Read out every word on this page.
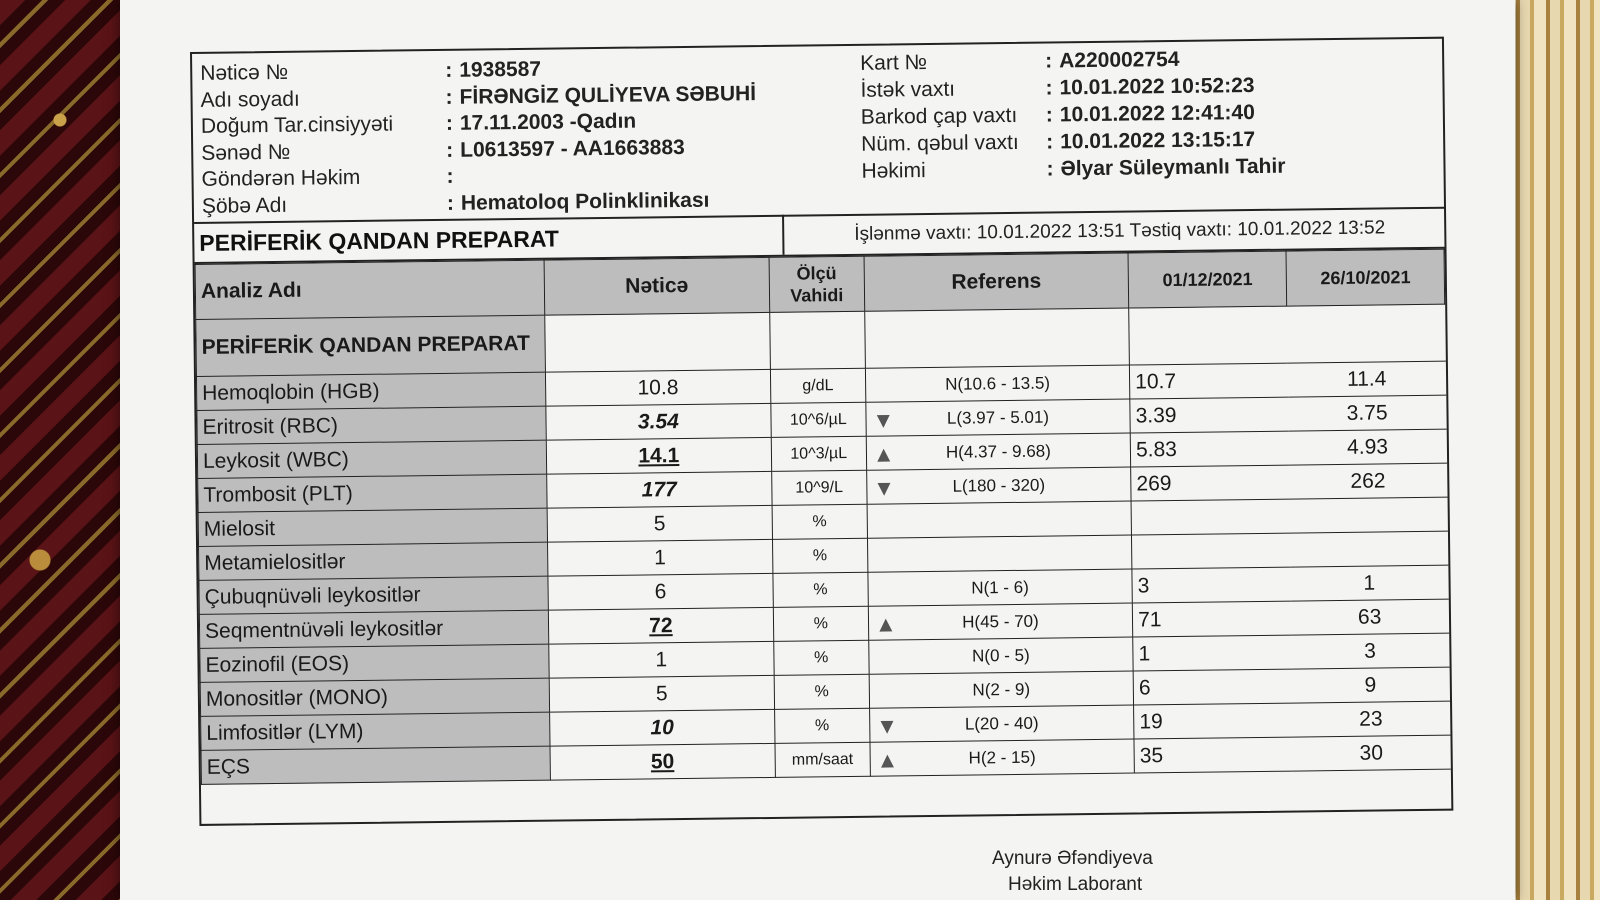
Nəticə №	: 1938587
Adı soyadı	: FİRƏNGİZ QULİYEVA SƏBUHİ
Doğum Tar.cinsiyyəti	: 17.11.2003 -Qadın
Sənəd №	: L0613597 - AA1663883
Göndərən Həkim	:
Şöbə Adı	: Hematoloq Polinklinikası
Kart №	: A220002754
İstək vaxtı	: 10.01.2022 10:52:23
Barkod çap vaxtı : 10.01.2022 12:41:40
Nüm. qəbul vaxtı : 10.01.2022 13:15:17
Həkimi	: Əlyar Süleymanlı Tahir
PERİFERİK QANDAN PREPARAT	İşlənmə vaxtı: 10.01.2022 13:51 Təstiq vaxtı: 10.01.2022 13:52
Analiz Adı	Nəticə	Ölçü
Vahidi	Referens	01/12/2021	26/10/2021
PERİFERİK QANDAN PREPARAT					
Hemoqlobin (HGB)	10.8	g/dL	N(10.6 - 13.5)	10.7	11.4
Eritrosit (RBC)	3.54	10^6/µL	▼ L(3.97 - 5.01)	3.39	3.75
Leykosit (WBC)	14.1	10^3/µL	▲ H(4.37 - 9.68)	5.83	4.93
Trombosit (PLT)	177	10^9/L	▼ L(180 - 320)	269	262
Mielosit	5	%			
Metamielositlər	1	%			
Çubuqnüvəli leykositlər	6	%	N(1 - 6)	3	1
Seqmentnüvəli leykositlər	72	%	▲ H(45 - 70)	71	63
Eozinofil (EOS)	1	%	N(0 - 5)	1	3
Monositlər (MONO)	5	%	N(2 - 9)	6	9
Limfositlər (LYM)	10	%	▼ L(20 - 40)	19	23
EÇS	50	mm/saat	▲ H(2 - 15)	35	30
Aynurə Əfəndiyeva
Həkim Laborant
